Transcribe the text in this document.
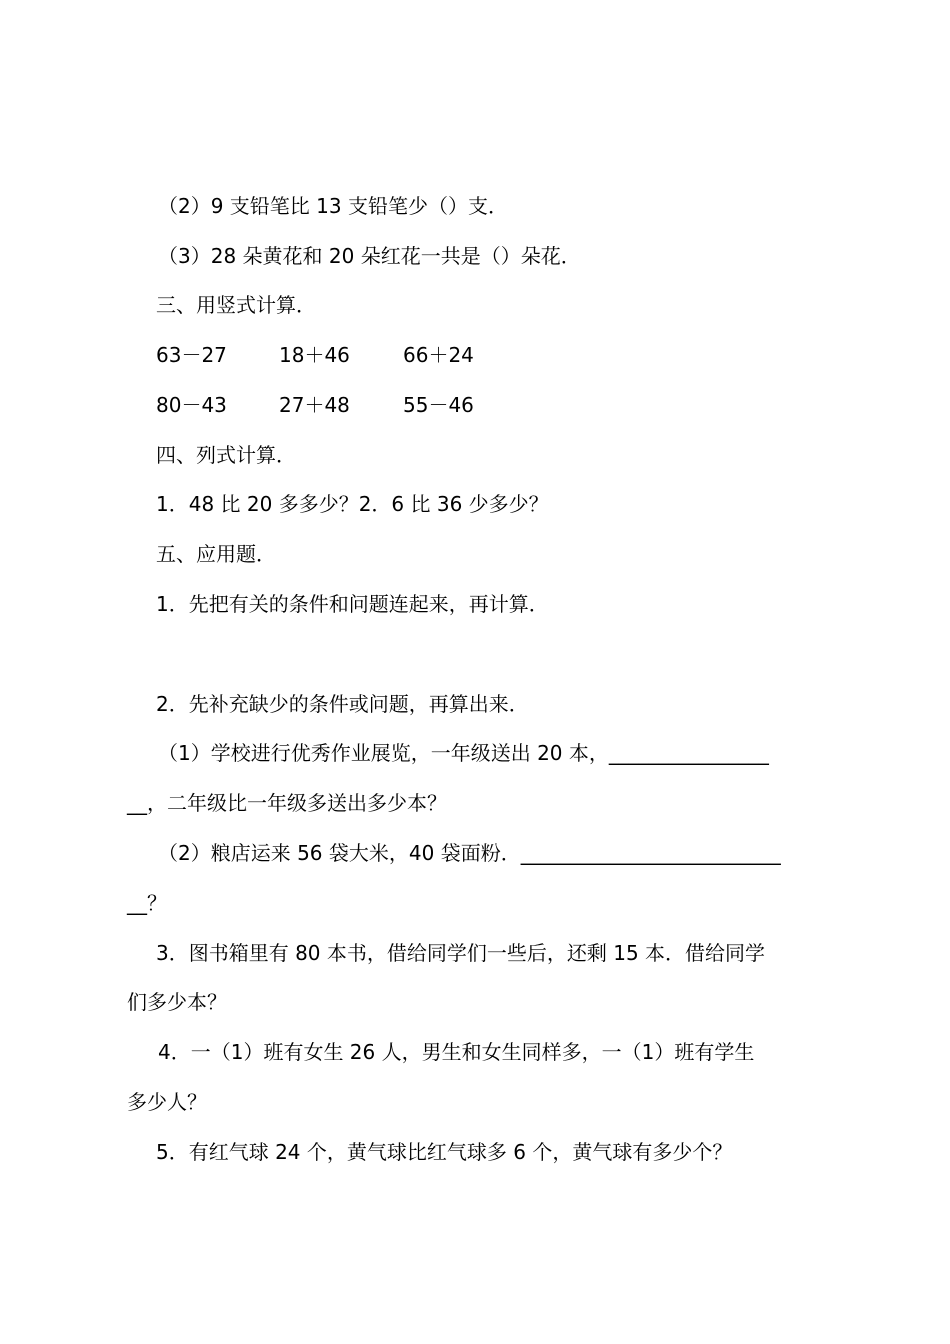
（2）9 支铅笔比 13 支铅笔少（）支．
（3）28 朵黄花和 20 朵红花一共是（）朵花．
三、用竖式计算．
63－27	18＋46	66＋24
80－43	27＋48	55－46
四、列式计算．
1．48 比 20 多多少？2．6 比 36 少多少？
五、应用题．
1．先把有关的条件和问题连起来，再计算．
2．先补充缺少的条件或问题，再算出来．
（1）学校进行优秀作业展览，一年级送出 20 本，________________
__，二年级比一年级多送出多少本？
（2）粮店运来 56 袋大米，40 袋面粉．__________________________
__？
3．图书箱里有 80 本书，借给同学们一些后，还剩 15 本．借给同学
们多少本？
4．一（1）班有女生 26 人，男生和女生同样多，一（1）班有学生
多少人？
5．有红气球 24 个，黄气球比红气球多 6 个，黄气球有多少个？
